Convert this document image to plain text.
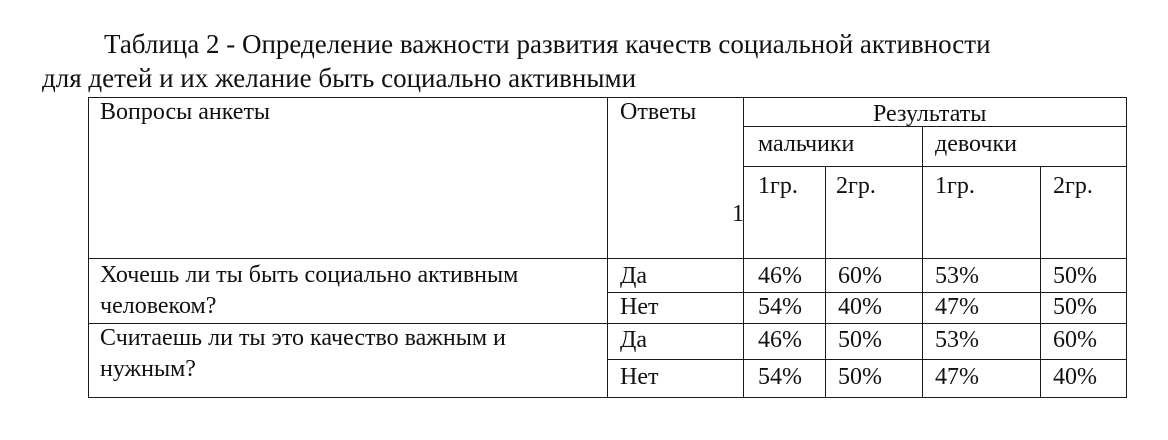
Таблица 2 - Определение важности развития качеств социальной активности
для детей и их желание быть социально активными
Вопросы анкеты	Ответы
1
Результаты
мальчики	девочки
1гр. 2гр. 1гр.	2гр.
Хочешь ли ты быть социально активным
человеком?
Да	46% 60% 53%	50%
Нет	54% 40% 47%	50%
Считаешь ли ты это качество важным и
нужным?
Да	46% 50% 53%	60%
Нет	54% 50% 47%	40%
